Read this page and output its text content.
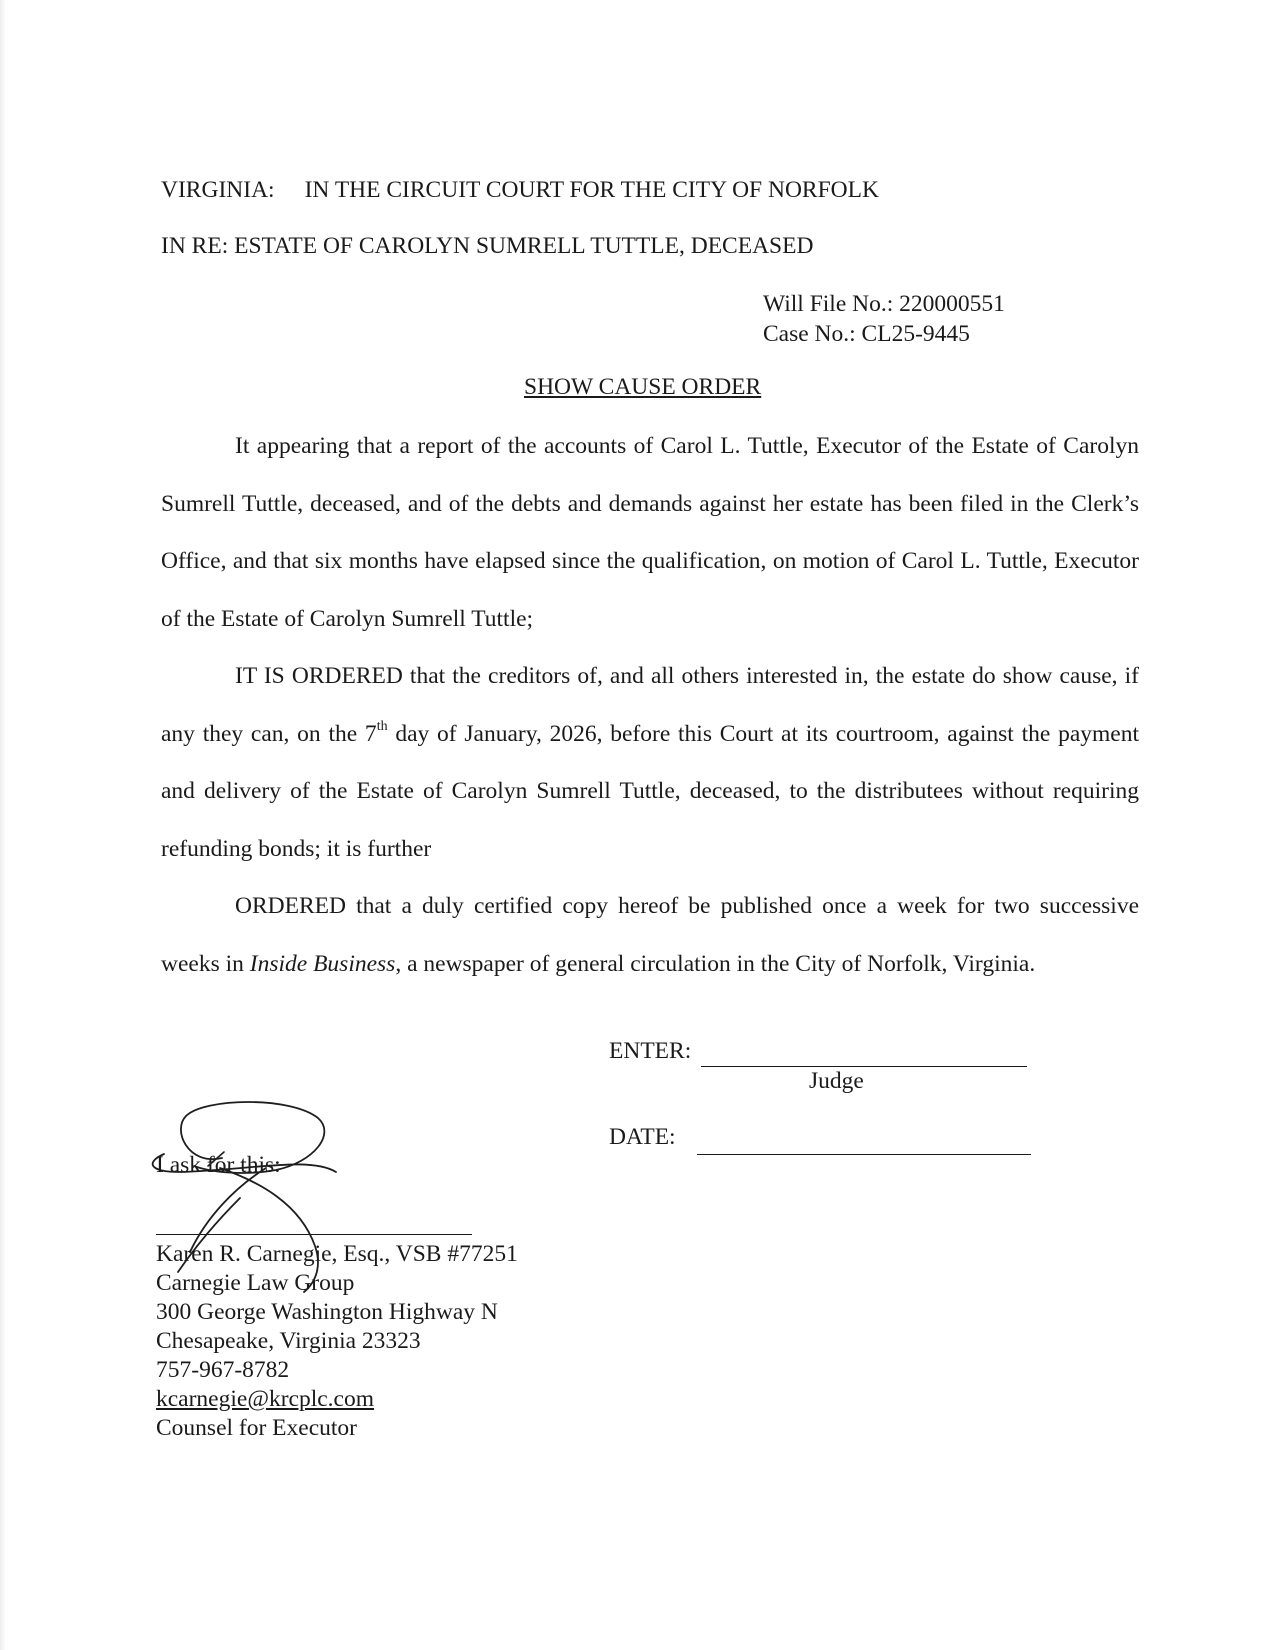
VIRGINIA: IN THE CIRCUIT COURT FOR THE CITY OF NORFOLK
IN RE: ESTATE OF CAROLYN SUMRELL TUTTLE, DECEASED
Will File No.: 220000551
Case No.: CL25-9445
SHOW CAUSE ORDER

It appearing that a report of the accounts of Carol L. Tuttle, Executor of the Estate of Carolyn Sumrell Tuttle, deceased, and of the debts and demands against her estate has been filed in the Clerk’s Office, and that six months have elapsed since the qualification, on motion of Carol L. Tuttle, Executor of the Estate of Carolyn Sumrell Tuttle;

IT IS ORDERED that the creditors of, and all others interested in, the estate do show cause, if any they can, on the 7th day of January, 2026, before this Court at its courtroom, against the payment and delivery of the Estate of Carolyn Sumrell Tuttle, deceased, to the distributees without requiring refunding bonds; it is further

ORDERED that a duly certified copy hereof be published once a week for two successive weeks in Inside Business, a newspaper of general circulation in the City of Norfolk, Virginia.

ENTER:
Judge
DATE:
I ask for this:
Karen R. Carnegie, Esq., VSB #77251
Carnegie Law Group
300 George Washington Highway N
Chesapeake, Virginia 23323
757-967-8782
kcarnegie@krcplc.com
Counsel for Executor
